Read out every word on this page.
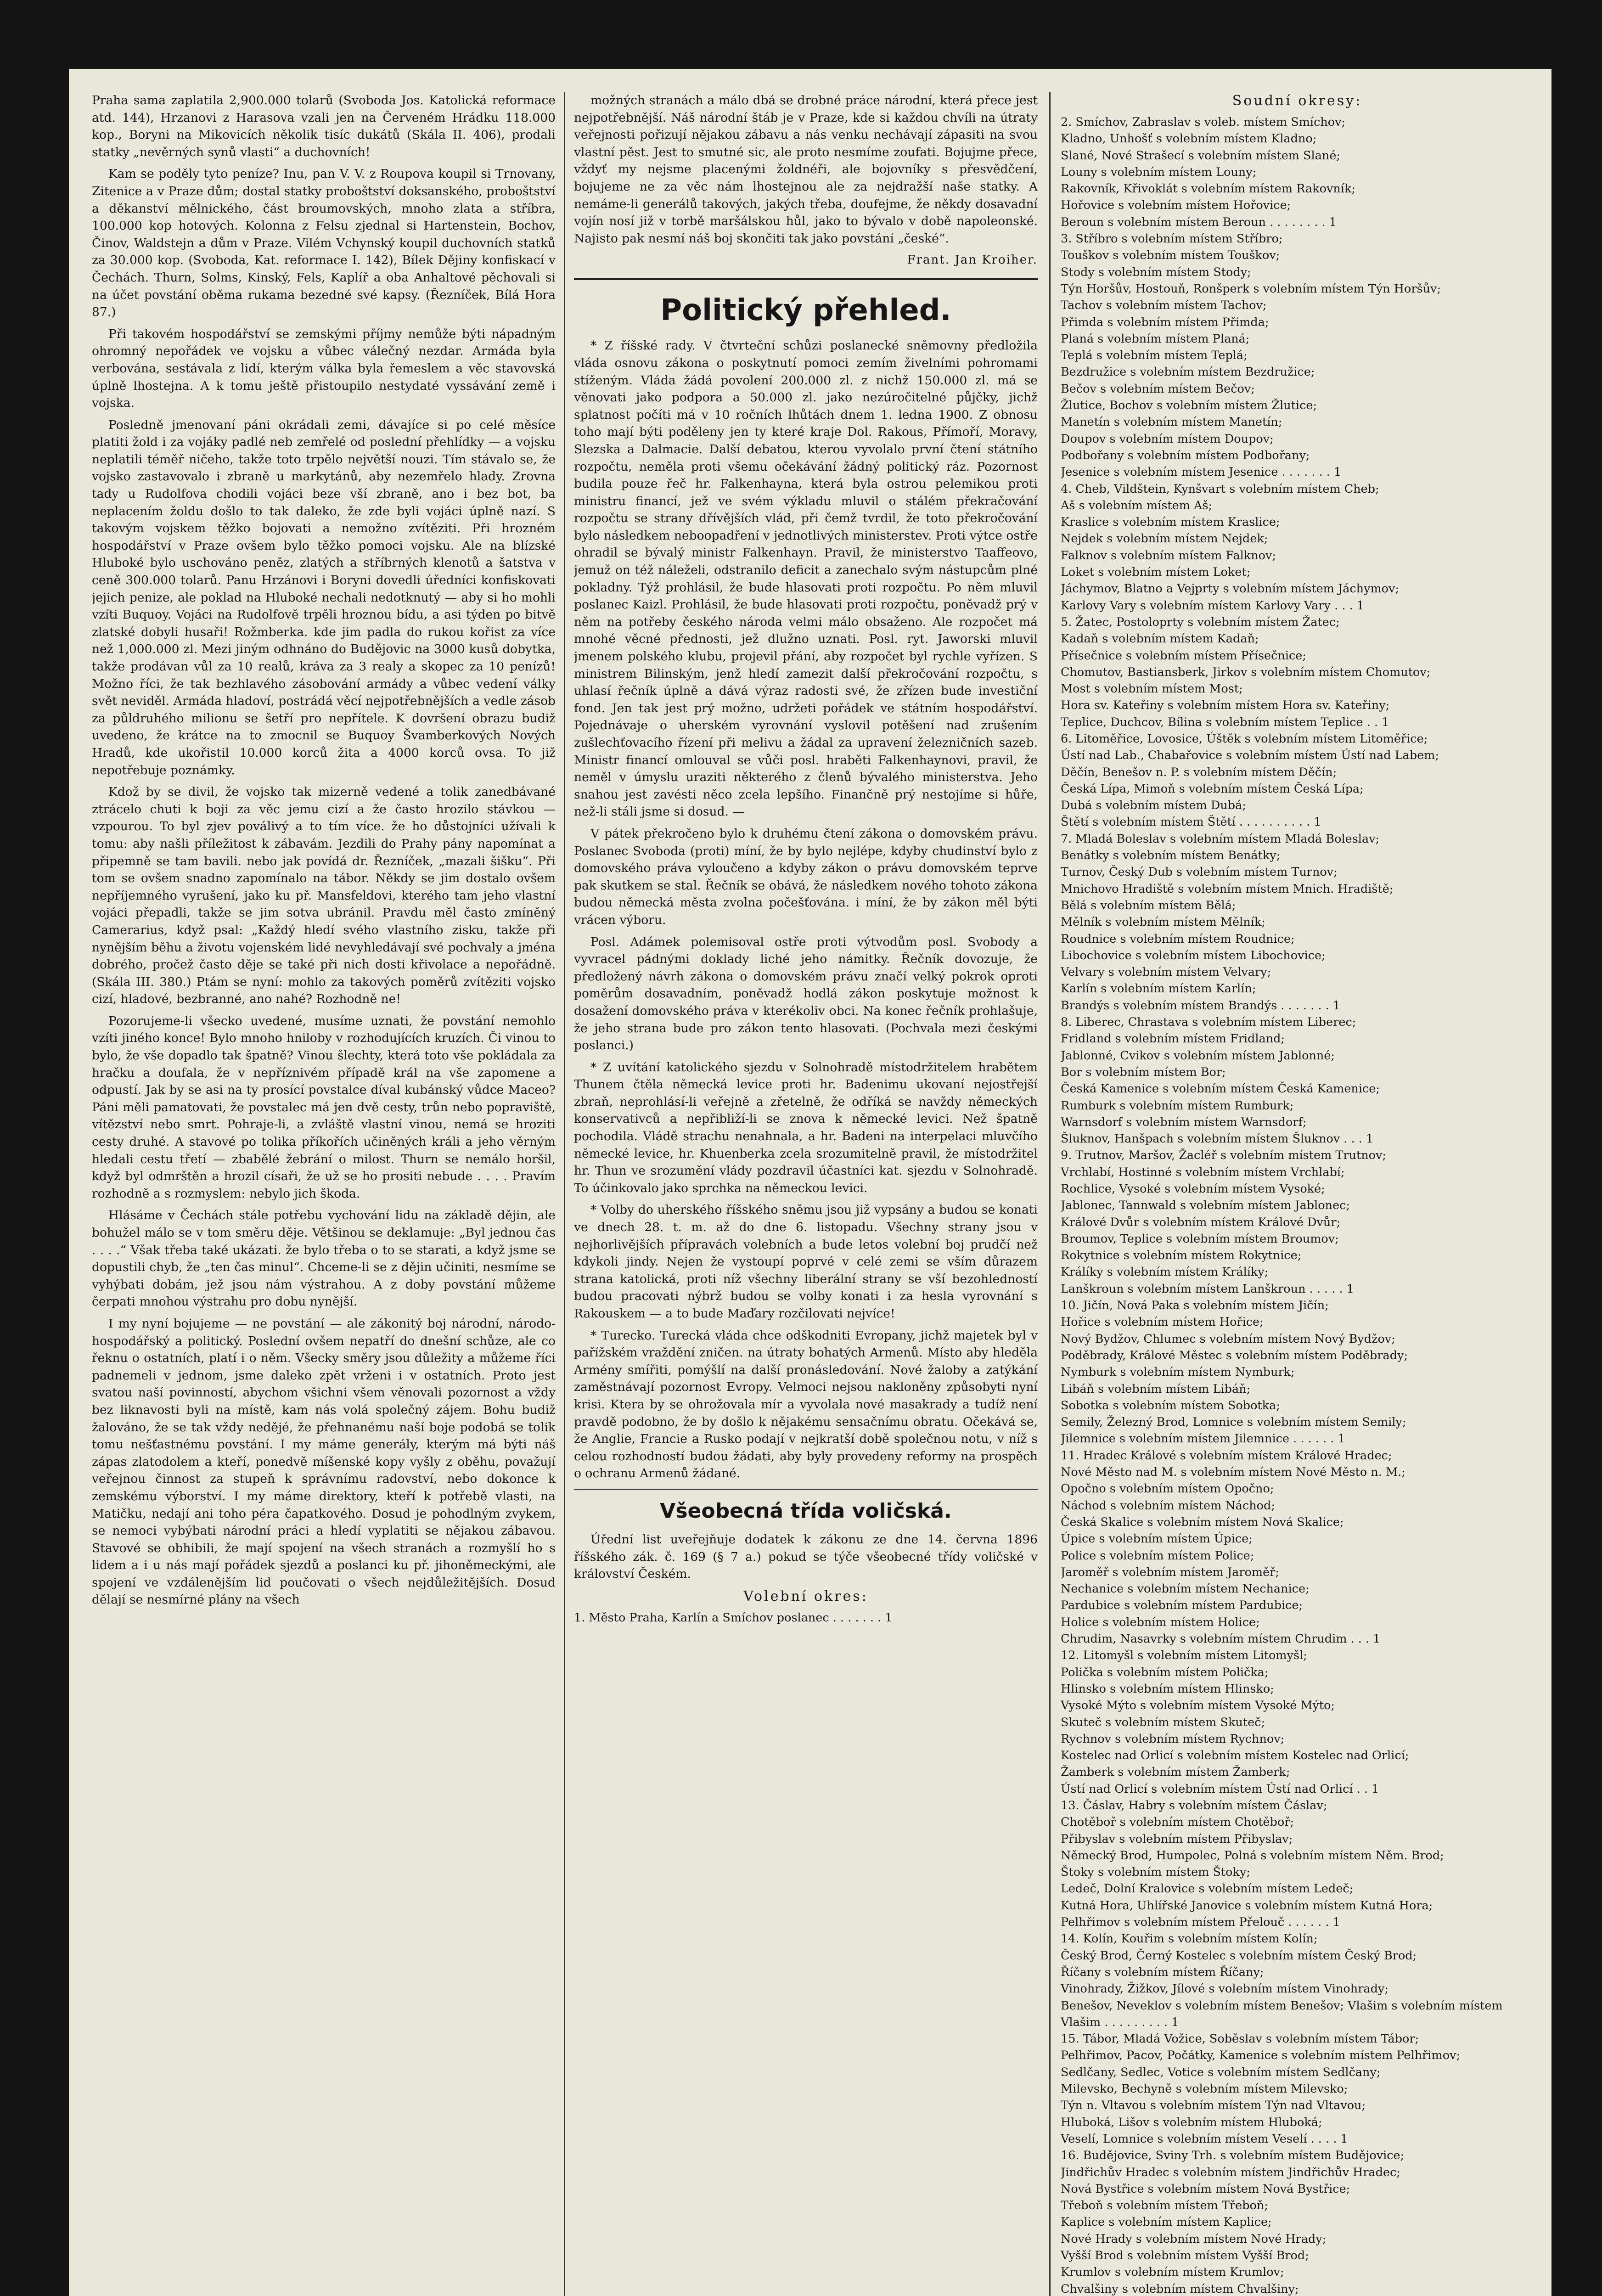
Praha sama zaplatila 2,900.000 tolarů (Svoboda Jos. Katolická reformace atd. 144), Hrzanovi z Harasova vzali jen na Červeném Hrádku 118.000 kop., Boryni na Mikovicích několik tisíc dukátů (Skála II. 406), prodali statky „nevěrných synů vlasti“ a duchovních!

Kam se poděly tyto peníze? Inu, pan V. V. z Roupova koupil si Trnovany, Zitenice a v Praze dům; dostal statky proboštství doksanského, proboštství a děkanství mělnického, část broumovských, mnoho zlata a stříbra, 100.000 kop hotových. Kolonna z Felsu zjednal si Hartenstein, Bochov, Činov, Waldstejn a dům v Praze. Vilém Vchynský koupil duchovních statků za 30.000 kop. (Svoboda, Kat. reformace I. 142), Bílek Dějiny konfiskací v Čechách. Thurn, Solms, Kinský, Fels, Kaplíř a oba Anhaltové pěchovali si na účet povstání oběma rukama bezedné své kapsy. (Řezníček, Bílá Hora 87.)

Při takovém hospodářství se zemskými příjmy nemůže býti nápadným ohromný nepořádek ve vojsku a vůbec válečný nezdar. Armáda byla verbována, sestávala z lidí, kterým válka byla řemeslem a věc stavovská úplně lhostejna. A k tomu ještě přistoupilo nestydaté vyssávání země i vojska.

Posledně jmenovaní páni okrádali zemi, dávajíce si po celé měsíce platiti žold i za vojáky padlé neb zemřelé od poslední přehlídky — a vojsku neplatili téměř ničeho, takže toto trpělo největší nouzi. Tím stávalo se, že vojsko zastavovalo i zbraně u markytánů, aby nezemřelo hlady. Zrovna tady u Rudolfova chodili vojáci beze vší zbraně, ano i bez bot, ba neplacením žoldu došlo to tak daleko, že zde byli vojáci úplně nazí. S takovým vojskem těžko bojovati a nemožno zvítěziti. Při hrozném hospodářství v Praze ovšem bylo těžko pomoci vojsku. Ale na blízské Hluboké bylo uschováno peněz, zlatých a stříbrných klenotů a šatstva v ceně 300.000 tolarů. Panu Hrzánovi i Boryni dovedli úředníci konfiskovati jejich penize, ale poklad na Hluboké nechali nedotknutý — aby si ho mohli vzíti Buquoy. Vojáci na Rudolfově trpěli hroznou bídu, a asi týden po bitvě zlatské dobyli husaři! Rožmberka. kde jim padla do rukou kořist za více než 1,000.000 zl. Mezi jiným odhnáno do Budějovic na 3000 kusů dobytka, takže prodávan vůl za 10 realů, kráva za 3 realy a skopec za 10 penízů! Možno říci, že tak bezhlavého zásobování armády a vůbec vedení války svět neviděl. Armáda hladoví, postrádá věcí nejpotřebnějších a vedle zásob za půldruhého milionu se šetří pro nepřítele. K dovršení obrazu budiž uvedeno, že krátce na to zmocnil se Buquoy Švamberkových Nových Hradů, kde ukořistil 10.000 korců žita a 4000 korců ovsa. To již nepotřebuje poznámky.

Kdož by se divil, že vojsko tak mizerně vedené a tolik zanedbávané ztrácelo chuti k boji za věc jemu cizí a že často hrozilo stávkou — vzpourou. To byl zjev poválivý a to tím více. že ho důstojníci užívali k tomu: aby našli příležitost k zábavám. Jezdili do Prahy pány napomínat a připemně se tam bavili. nebo jak povídá dr. Řezníček, „mazali šišku“. Při tom se ovšem snadno zapomínalo na tábor. Někdy se jim dostalo ovšem nepříjemného vyrušení, jako ku př. Mansfeldovi, kterého tam jeho vlastní vojáci přepadli, takže se jim sotva ubránil. Pravdu měl často zmíněný Camerarius, když psal: „Každý hledí svého vlastního zisku, takže při nynějším běhu a životu vojenském lidé nevyhledávají své pochvaly a jména dobrého, pročež často děje se také při nich dosti křivolace a nepořádně. (Skála III. 380.) Ptám se nyní: mohlo za takových poměrů zvítěziti vojsko cizí, hladové, bezbranné, ano nahé? Rozhodně ne!

Pozorujeme-li všecko uvedené, musíme uznati, že povstání nemohlo vzíti jiného konce! Bylo mnoho hniloby v rozhodujících kruzích. Či vinou to bylo, že vše dopadlo tak špatně? Vinou šlechty, která toto vše pokládala za hračku a doufala, že v nepříznivém případě král na vše zapomene a odpustí. Jak by se asi na ty prosící povstalce díval kubánský vůdce Maceo? Páni měli pamatovati, že povstalec má jen dvě cesty, trůn nebo popraviště, vítězství nebo smrt. Pohraje-li, a zvláště vlastní vinou, nemá se hroziti cesty druhé. A stavové po tolika příkořích učiněných králi a jeho věrným hledali cestu třetí — zbabělé žebrání o milost. Thurn se nemálo horšil, když byl odmrštěn a hrozil císaři, že už se ho prositi nebude . . . . Pravím rozhodně a s rozmyslem: nebylo jich škoda.

Hlásáme v Čechách stále potřebu vychování lidu na základě dějin, ale bohužel málo se v tom směru děje. Většinou se deklamuje: „Byl jednou čas . . . .“ Však třeba také ukázati. že bylo třeba o to se starati, a když jsme se dopustili chyb, že „ten čas minul“. Chceme-li se z dějin učiniti, nesmíme se vyhýbati dobám, jež jsou nám výstrahou. A z doby povstání můžeme čerpati mnohou výstrahu pro dobu nynější.

I my nyní bojujeme — ne povstání — ale zákonitý boj národní, národo-hospodářský a politický. Poslední ovšem nepatří do dnešní schůze, ale co řeknu o ostatních, platí i o něm. Všecky směry jsou důležity a můžeme říci padnemeli v jednom, jsme daleko zpět vrženi i v ostatních. Proto jest svatou naší povinností, abychom všichni všem věnovali pozornost a vždy bez liknavosti byli na místě, kam nás volá společný zájem. Bohu budiž žalováno, že se tak vždy nedějé, že přehnanému naší boje podobá se tolik tomu nešťastnému povstání. I my máme generály, kterým má býti náš zápas zlatodolem a kteří, ponedvě míšenské kopy vyšly z oběhu, považují veřejnou činnost za stupeň k správnímu radovství, nebo dokonce k zemskému výborství. I my máme direktory, kteří k potřebě vlasti, na Matičku, nedají ani toho péra čapatkového. Dosud je pohodlným zvykem, se nemoci vybýbati národní práci a hledí vyplatiti se nějakou zábavou. Stavové se obhibili, že mají spojení na všech stranách a rozmyšlí ho s lidem a i u nás mají pořádek sjezdů a poslanci ku př. jihoněmeckými, ale spojení ve vzdálenějším lid poučovati o všech nejdůležitějších. Dosud dělají se nesmírné plány na všech

možných stranách a málo dbá se drobné práce národní, která přece jest nejpotřebnější. Náš národní štáb je v Praze, kde si každou chvíli na útraty veřejnosti pořizují nějakou zábavu a nás venku nechávají zápasiti na svou vlastní pěst. Jest to smutné sic, ale proto nesmíme zoufati. Bojujme přece, vždyť my nejsme placenými žoldnéři, ale bojovníky s přesvědčení, bojujeme ne za věc nám lhostejnou ale za nejdražší naše statky. A nemáme-li generálů takových, jakých třeba, doufejme, že někdy dosavadní vojín nosí již v torbě maršálskou hůl, jako to bývalo v době napoleonské. Najisto pak nesmí náš boj skončiti tak jako povstání „české“.

Frant. Jan Kroiher.
Politický přehled.

* Z říšské rady. V čtvrteční schůzi poslanecké sněmovny předložila vláda osnovu zákona o poskytnutí pomoci zemím živelními pohromami stíženým. Vláda žádá povolení 200.000 zl. z nichž 150.000 zl. má se věnovati jako podpora a 50.000 zl. jako nezúročitelné půjčky, jichž splatnost počíti má v 10 ročních lhůtách dnem 1. ledna 1900. Z obnosu toho mají býti poděleny jen ty které kraje Dol. Rakous, Přímoří, Moravy, Slezska a Dalmacie. Další debatou, kterou vyvolalo první čtení státního rozpočtu, neměla proti všemu očekávání žádný politický ráz. Pozornost budila pouze řeč hr. Falkenhayna, která byla ostrou pelemikou proti ministru financí, jež ve svém výkladu mluvil o stálém překračování rozpočtu se strany dřívějších vlád, při čemž tvrdil, že toto překročování bylo následkem neboopadření v jednotlivých ministerstev. Proti výtce ostře ohradil se bývalý ministr Falkenhayn. Pravil, že ministerstvo Taaffeovo, jemuž on též náleželi, odstranilo deficit a zanechalo svým nástupcům plné pokladny. Týž prohlásil, že bude hlasovati proti rozpočtu. Po něm mluvil poslanec Kaizl. Prohlásil, že bude hlasovati proti rozpočtu, poněvadž prý v něm na potřeby českého národa velmi málo obsaženo. Ale rozpočet má mnohé věcné přednosti, jež dlužno uznati. Posl. ryt. Jaworski mluvil jmenem polského klubu, projevil přání, aby rozpočet byl rychle vyřízen. S ministrem Bilinským, jenž hledí zamezit další překročování rozpočtu, s uhlasí řečník úplně a dává výraz radosti své, že zřízen bude investiční fond. Jen tak jest prý možno, udržeti pořádek ve státním hospodářství. Pojednávaje o uherském vyrovnání vyslovil potěšení nad zrušením zušlechťovacího řízení při melivu a žádal za upravení železničních sazeb. Ministr financí omlouval se vůči posl. hraběti Falkenhaynovi, pravil, že neměl v úmyslu uraziti některého z členů bývalého ministerstva. Jeho snahou jest zavésti něco zcela lepšího. Finančně prý nestojíme si hůře, než-li stáli jsme si dosud. —

V pátek překročeno bylo k druhému čtení zákona o domovském právu. Poslanec Svoboda (proti) míní, že by bylo nejlépe, kdyby chudinství bylo z domovského práva vyloučeno a kdyby zákon o právu domovském teprve pak skutkem se stal. Řečník se obává, že následkem nového tohoto zákona budou německá města zvolna počešťována. i míní, že by zákon měl býti vrácen výboru.

Posl. Adámek polemisoval ostře proti výtvodům posl. Svobody a vyvracel pádnými doklady liché jeho námitky. Řečník dovozuje, že předložený návrh zákona o domovském právu značí velký pokrok oproti poměrům dosavadním, poněvadž hodlá zákon poskytuje možnost k dosažení domovského práva v kterékoliv obci. Na konec řečník prohlašuje, že jeho strana bude pro zákon tento hlasovati. (Pochvala mezi českými poslanci.)

* Z uvítání katolického sjezdu v Solnohradě místodržitelem hrabětem Thunem čtěla německá levice proti hr. Badenimu ukovaní nejostřejší zbraň, neprohlásí-li veřejně a zřetelně, že odříká se navždy německých konservativců a nepřibliží-li se znova k německé levici. Než špatně pochodila. Vládě strachu nenahnala, a hr. Badeni na interpelaci mluvčího německé levice, hr. Khuenberka zcela srozumitelně pravil, že místodržitel hr. Thun ve srozumění vlády pozdravil účastníci kat. sjezdu v Solnohradě. To účinkovalo jako sprchka na německou levici.

* Volby do uherského říšského sněmu jsou již vypsány a budou se konati ve dnech 28. t. m. až do dne 6. listopadu. Všechny strany jsou v nejhorlivějších přípravách volebních a bude letos volební boj prudčí než kdykoli jindy. Nejen že vystoupí poprvé v celé zemi se vším důrazem strana katolická, proti níž všechny liberální strany se vší bezohledností budou pracovati nýbrž budou se volby konati i za hesla vyrovnání s Rakouskem — a to bude Maďary rozčilovati nejvíce!

* Turecko. Turecká vláda chce odškodniti Evropany, jichž majetek byl v pařížském vraždění zničen. na útraty bohatých Armenů. Místo aby hleděla Armény smířiti, pomýšlí na další pronásledování. Nové žaloby a zatýkání zaměstnávají pozornost Evropy. Velmoci nejsou nakloněny způsobyti nyní krisi. Ktera by se ohrožovala mír a vyvolala nové masakrady a tudíž není pravdě podobno, že by došlo k nějakému sensačnímu obratu. Očekává se, že Anglie, Francie a Rusko podají v nejkratší době společnou notu, v níž s celou rozhodností budou žádati, aby byly provedeny reformy na prospěch o ochranu Armenů žádané.

Všeobecná třída voličská.

Úřední list uveřejňuje dodatek k zákonu ze dne 14. června 1896 říšského zák. č. 169 (§ 7 a.) pokud se týče všeobecné třídy voličské v království Českém.

Volební okres:
1. Město Praha, Karlín a Smíchov poslanec . . . . . . . 1
Soudní okresy:
2. Smíchov, Zabraslav s voleb. místem Smíchov;
Kladno, Unhošť s volebním místem Kladno;
Slané, Nové Strašecí s volebním místem Slané;
Louny s volebním místem Louny;
Rakovník, Křivoklát s volebním místem Rakovník;
Hořovice s volebním místem Hořovice;
Beroun s volebním místem Beroun . . . . . . . . 1
3. Stříbro s volebním místem Stříbro;
Touškov s volebním místem Touškov;
Stody s volebním místem Stody;
Týn Horšův, Hostouň, Ronšperk s volebním místem Týn Horšův;
Tachov s volebním místem Tachov;
Přimda s volebním místem Přimda;
Planá s volebním místem Planá;
Teplá s volebním místem Teplá;
Bezdružice s volebním místem Bezdružice;
Bečov s volebním místem Bečov;
Žlutice, Bochov s volebním místem Žlutice;
Manetín s volebním místem Manetín;
Doupov s volebním místem Doupov;
Podbořany s volebním místem Podbořany;
Jesenice s volebním místem Jesenice . . . . . . . 1
4. Cheb, Vildštein, Kynšvart s volebním místem Cheb;
Aš s volebním místem Aš;
Kraslice s volebním místem Kraslice;
Nejdek s volebním místem Nejdek;
Falknov s volebním místem Falknov;
Loket s volebním místem Loket;
Jáchymov, Blatno a Vejprty s volebním místem Jáchymov;
Karlovy Vary s volebním místem Karlovy Vary . . . 1
5. Žatec, Postoloprty s volebním místem Žatec;
Kadaň s volebním místem Kadaň;
Přísečnice s volebním místem Přísečnice;
Chomutov, Bastiansberk, Jirkov s volebním místem Chomutov;
Most s volebním místem Most;
Hora sv. Kateřiny s volebním místem Hora sv. Kateřiny;
Teplice, Duchcov, Bílina s volebním místem Teplice . . 1
6. Litoměřice, Lovosice, Úštěk s volebním místem Litoměřice;
Ústí nad Lab., Chabařovice s volebním místem Ústí nad Labem;
Děčín, Benešov n. P. s volebním místem Děčín;
Česká Lípa, Mimoň s volebním místem Česká Lípa;
Dubá s volebním místem Dubá;
Štětí s volebním místem Štětí . . . . . . . . . . 1
7. Mladá Boleslav s volebním místem Mladá Boleslav;
Benátky s volebním místem Benátky;
Turnov, Český Dub s volebním místem Turnov;
Mnichovo Hradiště s volebním místem Mnich. Hradiště;
Bělá s volebním místem Bělá;
Mělník s volebním místem Mělník;
Roudnice s volebním místem Roudnice;
Libochovice s volebním místem Libochovice;
Velvary s volebním místem Velvary;
Karlín s volebním místem Karlín;
Brandýs s volebním místem Brandýs . . . . . . . 1
8. Liberec, Chrastava s volebním místem Liberec;
Fridland s volebním místem Fridland;
Jablonné, Cvikov s volebním místem Jablonné;
Bor s volebním místem Bor;
Česká Kamenice s volebním místem Česká Kamenice;
Rumburk s volebním místem Rumburk;
Warnsdorf s volebním místem Warnsdorf;
Šluknov, Hanšpach s volebním místem Šluknov . . . 1
9. Trutnov, Maršov, Žacléř s volebním místem Trutnov;
Vrchlabí, Hostinné s volebním místem Vrchlabí;
Rochlice, Vysoké s volebním místem Vysoké;
Jablonec, Tannwald s volebním místem Jablonec;
Králové Dvůr s volebním místem Králové Dvůr;
Broumov, Teplice s volebním místem Broumov;
Rokytnice s volebním místem Rokytnice;
Králíky s volebním místem Králíky;
Lanškroun s volebním místem Lanškroun . . . . . 1
10. Jičín, Nová Paka s volebním místem Jičín;
Hořice s volebním místem Hořice;
Nový Bydžov, Chlumec s volebním místem Nový Bydžov;
Poděbrady, Králové Městec s volebním místem Poděbrady;
Nymburk s volebním místem Nymburk;
Libáň s volebním místem Libáň;
Sobotka s volebním místem Sobotka;
Semily, Železný Brod, Lomnice s volebním místem Semily;
Jilemnice s volebním místem Jilemnice . . . . . . 1
11. Hradec Králové s volebním místem Králové Hradec;
Nové Město nad M. s volebním místem Nové Město n. M.;
Opočno s volebním místem Opočno;
Náchod s volebním místem Náchod;
Česká Skalice s volebním místem Nová Skalice;
Úpice s volebním místem Úpice;
Police s volebním místem Police;
Jaroměř s volebním místem Jaroměř;
Nechanice s volebním místem Nechanice;
Pardubice s volebním místem Pardubice;
Holice s volebním místem Holice;
Chrudim, Nasavrky s volebním místem Chrudim . . . 1
12. Litomyšl s volebním místem Litomyšl;
Polička s volebním místem Polička;
Hlinsko s volebním místem Hlinsko;
Vysoké Mýto s volebním místem Vysoké Mýto;
Skuteč s volebním místem Skuteč;
Rychnov s volebním místem Rychnov;
Kostelec nad Orlicí s volebním místem Kostelec nad Orlicí;
Žamberk s volebním místem Žamberk;
Ústí nad Orlicí s volebním místem Ústí nad Orlicí . . 1
13. Čáslav, Habry s volebním místem Čáslav;
Chotěboř s volebním místem Chotěboř;
Přibyslav s volebním místem Přibyslav;
Německý Brod, Humpolec, Polná s volebním místem Něm. Brod;
Štoky s volebním místem Štoky;
Ledeč, Dolní Kralovice s volebním místem Ledeč;
Kutná Hora, Uhlířské Janovice s volebním místem Kutná Hora;
Pelhřimov s volebním místem Přelouč . . . . . . 1
14. Kolín, Kouřim s volebním místem Kolín;
Český Brod, Černý Kostelec s volebním místem Český Brod;
Říčany s volebním místem Říčany;
Vinohrady, Žižkov, Jílové s volebním místem Vinohrady;
Benešov, Neveklov s volebním místem Benešov; Vlašim s volebním místem Vlašim . . . . . . . . . 1
15. Tábor, Mladá Vožice, Soběslav s volebním místem Tábor;
Pelhřimov, Pacov, Počátky, Kamenice s volebním místem Pelhřimov;
Sedlčany, Sedlec, Votice s volebním místem Sedlčany;
Milevsko, Bechyně s volebním místem Milevsko;
Týn n. Vltavou s volebním místem Týn nad Vltavou;
Hluboká, Lišov s volebním místem Hluboká;
Veselí, Lomnice s volebním místem Veselí . . . . 1
16. Budějovice, Sviny Trh. s volebním místem Budějovice;
Jindřichův Hradec s volebním místem Jindřichův Hradec;
Nová Bystřice s volebním místem Nová Bystřice;
Třeboň s volebním místem Třeboň;
Kaplice s volebním místem Kaplice;
Nové Hrady s volebním místem Nové Hrady;
Vyšší Brod s volebním místem Vyšší Brod;
Krumlov s volebním místem Krumlov;
Chvalšiny s volebním místem Chvalšiny;
